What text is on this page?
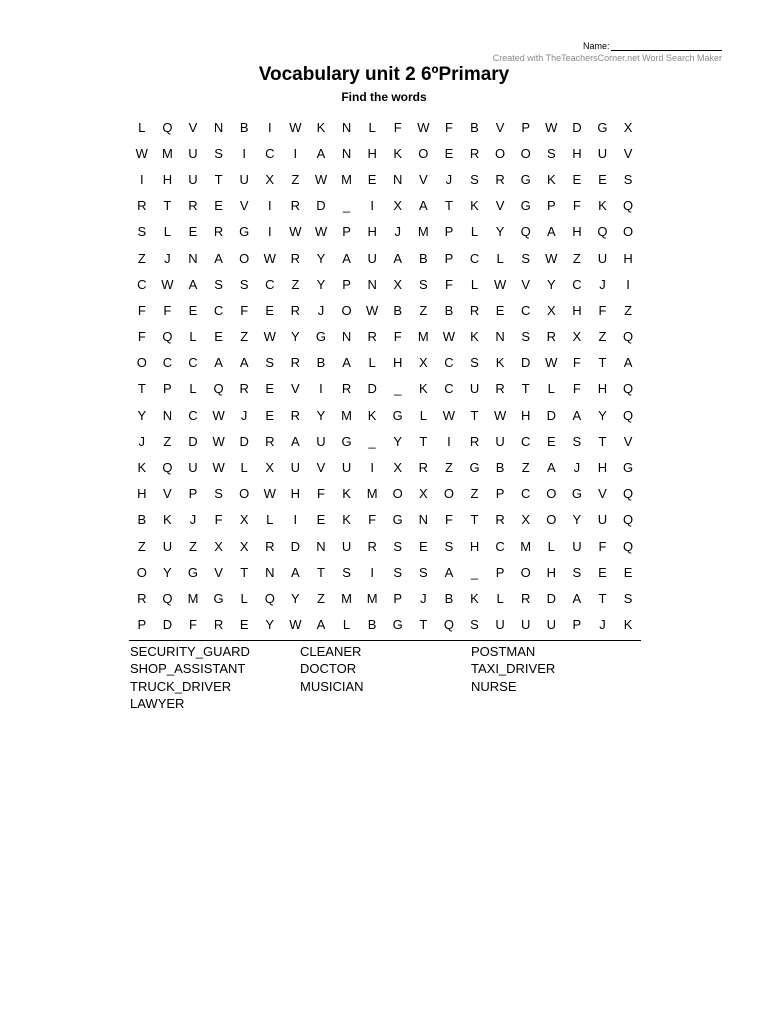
Name:
Created with TheTeachersCorner.net Word Search Maker
Vocabulary unit 2 6ºPrimary
Find the words
L	Q	V	N	B	I	W	K	N	L	F	W	F	B	V	P	W	D	G	X
W	M	U	S	I	C	I	A	N	H	K	O	E	R	O	O	S	H	U	V
I	H	U	T	U	X	Z	W	M	E	N	V	J	S	R	G	K	E	E	S
R	T	R	E	V	I	R	D	_	I	X	A	T	K	V	G	P	F	K	Q
S	L	E	R	G	I	W	W	P	H	J	M	P	L	Y	Q	A	H	Q	O
Z	J	N	A	O	W	R	Y	A	U	A	B	P	C	L	S	W	Z	U	H
C	W	A	S	S	C	Z	Y	P	N	X	S	F	L	W	V	Y	C	J	I
F	F	E	C	F	E	R	J	O	W	B	Z	B	R	E	C	X	H	F	Z
F	Q	L	E	Z	W	Y	G	N	R	F	M	W	K	N	S	R	X	Z	Q
O	C	C	A	A	S	R	B	A	L	H	X	C	S	K	D	W	F	T	A
T	P	L	Q	R	E	V	I	R	D	_	K	C	U	R	T	L	F	H	Q
Y	N	C	W	J	E	R	Y	M	K	G	L	W	T	W	H	D	A	Y	Q
J	Z	D	W	D	R	A	U	G	_	Y	T	I	R	U	C	E	S	T	V
K	Q	U	W	L	X	U	V	U	I	X	R	Z	G	B	Z	A	J	H	G
H	V	P	S	O	W	H	F	K	M	O	X	O	Z	P	C	O	G	V	Q
B	K	J	F	X	L	I	E	K	F	G	N	F	T	R	X	O	Y	U	Q
Z	U	Z	X	X	R	D	N	U	R	S	E	S	H	C	M	L	U	F	Q
O	Y	G	V	T	N	A	T	S	I	S	S	A	_	P	O	H	S	E	E
R	Q	M	G	L	Q	Y	Z	M	M	P	J	B	K	L	R	D	A	T	S
P	D	F	R	E	Y	W	A	L	B	G	T	Q	S	U	U	U	P	J	K
SECURITY_GUARD	CLEANER	POSTMAN
SHOP_ASSISTANT	DOCTOR	TAXI_DRIVER
TRUCK_DRIVER	MUSICIAN	NURSE
LAWYER
